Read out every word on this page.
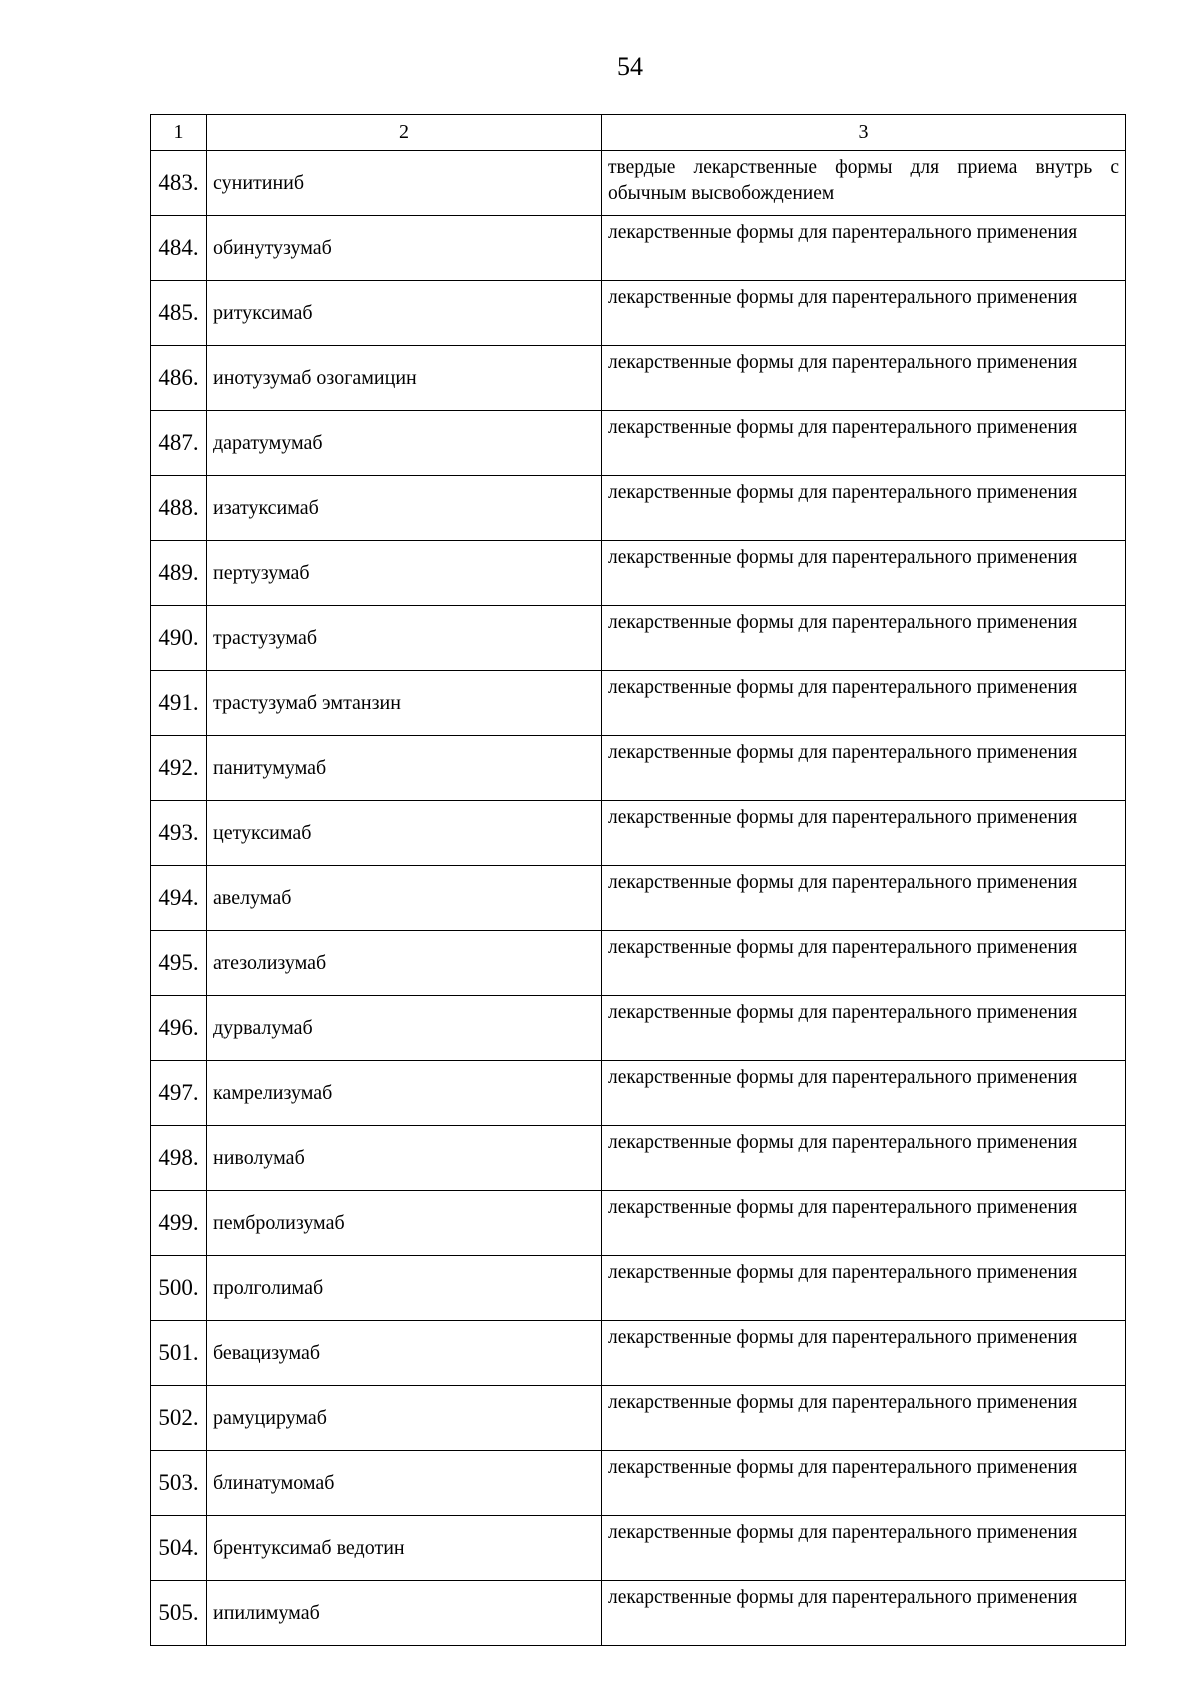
54
1	2	3
483.	сунитиниб	твердые лекарственные формы для приема внутрь с обычным высвобождением
484.	обинутузумаб	лекарственные формы для парентерального применения
485.	ритуксимаб	лекарственные формы для парентерального применения
486.	инотузумаб озогамицин	лекарственные формы для парентерального применения
487.	даратумумаб	лекарственные формы для парентерального применения
488.	изатуксимаб	лекарственные формы для парентерального применения
489.	пертузумаб	лекарственные формы для парентерального применения
490.	трастузумаб	лекарственные формы для парентерального применения
491.	трастузумаб эмтанзин	лекарственные формы для парентерального применения
492.	панитумумаб	лекарственные формы для парентерального применения
493.	цетуксимаб	лекарственные формы для парентерального применения
494.	авелумаб	лекарственные формы для парентерального применения
495.	атезолизумаб	лекарственные формы для парентерального применения
496.	дурвалумаб	лекарственные формы для парентерального применения
497.	камрелизумаб	лекарственные формы для парентерального применения
498.	ниволумаб	лекарственные формы для парентерального применения
499.	пембролизумаб	лекарственные формы для парентерального применения
500.	пролголимаб	лекарственные формы для парентерального применения
501.	бевацизумаб	лекарственные формы для парентерального применения
502.	рамуцирумаб	лекарственные формы для парентерального применения
503.	блинатумомаб	лекарственные формы для парентерального применения
504.	брентуксимаб ведотин	лекарственные формы для парентерального применения
505.	ипилимумаб	лекарственные формы для парентерального применения
